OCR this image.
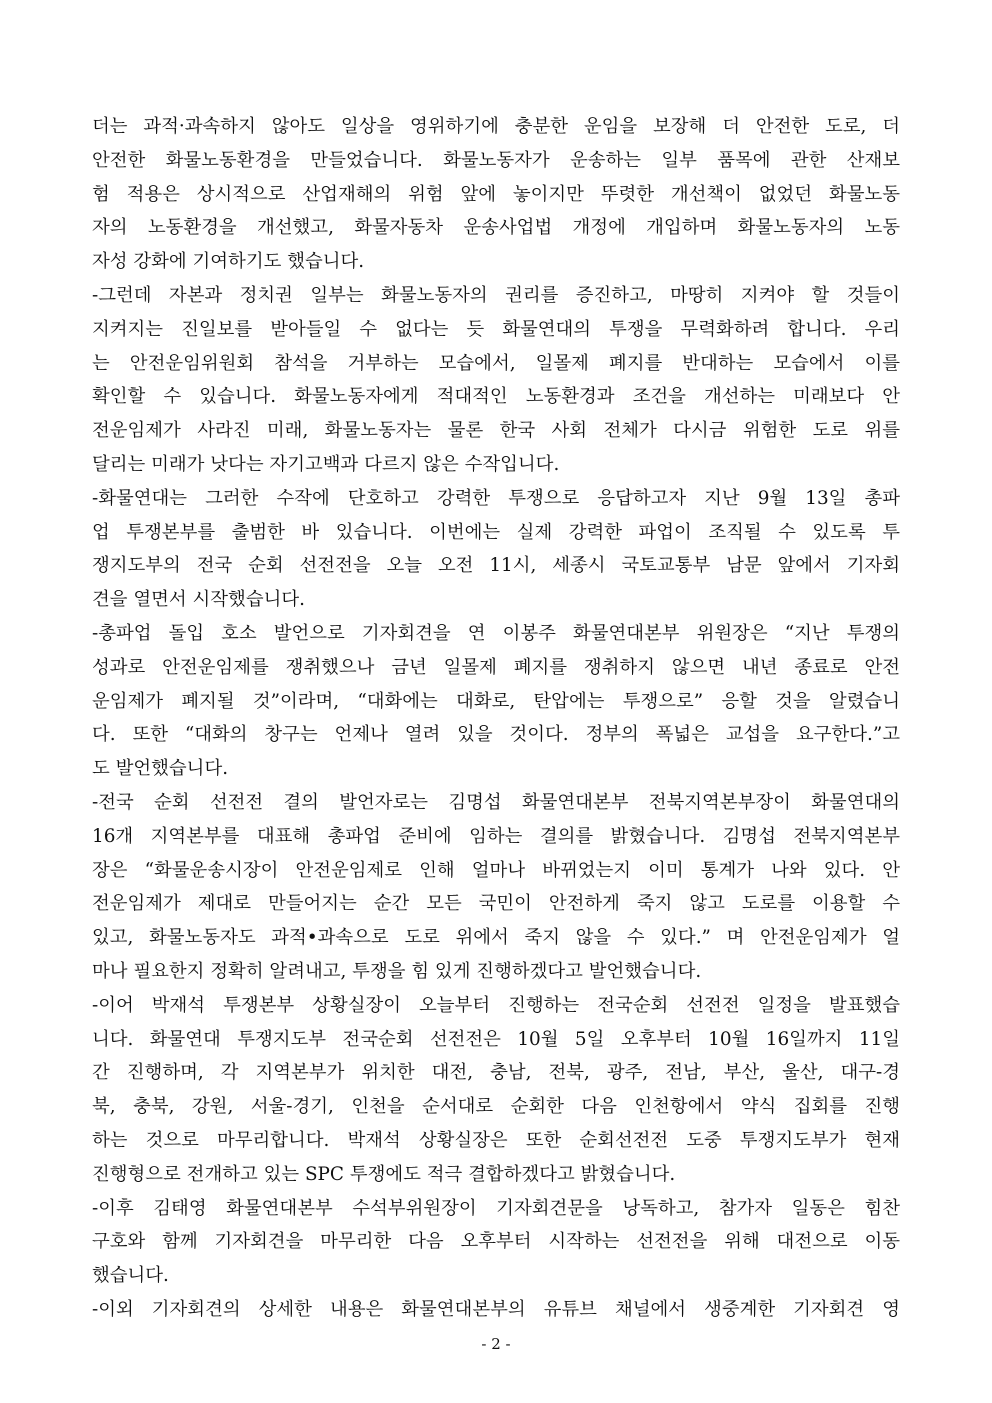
더는 과적·과속하지 않아도 일상을 영위하기에 충분한 운임을 보장해 더 안전한 도로, 더
안전한 화물노동환경을 만들었습니다. 화물노동자가 운송하는 일부 품목에 관한 산재보
험 적용은 상시적으로 산업재해의 위험 앞에 놓이지만 뚜렷한 개선책이 없었던 화물노동
자의 노동환경을 개선했고, 화물자동차 운송사업법 개정에 개입하며 화물노동자의 노동
자성 강화에 기여하기도 했습니다.
-그런데 자본과 정치권 일부는 화물노동자의 권리를 증진하고, 마땅히 지켜야 할 것들이
지켜지는 진일보를 받아들일 수 없다는 듯 화물연대의 투쟁을 무력화하려 합니다. 우리
는 안전운임위원회 참석을 거부하는 모습에서, 일몰제 폐지를 반대하는 모습에서 이를
확인할 수 있습니다. 화물노동자에게 적대적인 노동환경과 조건을 개선하는 미래보다 안
전운임제가 사라진 미래, 화물노동자는 물론 한국 사회 전체가 다시금 위험한 도로 위를
달리는 미래가 낫다는 자기고백과 다르지 않은 수작입니다.
-화물연대는 그러한 수작에 단호하고 강력한 투쟁으로 응답하고자 지난 9월 13일 총파
업 투쟁본부를 출범한 바 있습니다. 이번에는 실제 강력한 파업이 조직될 수 있도록 투
쟁지도부의 전국 순회 선전전을 오늘 오전 11시, 세종시 국토교통부 남문 앞에서 기자회
견을 열면서 시작했습니다.
-총파업 돌입 호소 발언으로 기자회견을 연 이봉주 화물연대본부 위원장은 “지난 투쟁의
성과로 안전운임제를 쟁취했으나 금년 일몰제 폐지를 쟁취하지 않으면 내년 종료로 안전
운임제가 폐지될 것”이라며, “대화에는 대화로, 탄압에는 투쟁으로” 응할 것을 알렸습니
다. 또한 “대화의 창구는 언제나 열려 있을 것이다. 정부의 폭넓은 교섭을 요구한다.”고
도 발언했습니다.
-전국 순회 선전전 결의 발언자로는 김명섭 화물연대본부 전북지역본부장이 화물연대의
16개 지역본부를 대표해 총파업 준비에 임하는 결의를 밝혔습니다. 김명섭 전북지역본부
장은 “화물운송시장이 안전운임제로 인해 얼마나 바뀌었는지 이미 통계가 나와 있다. 안
전운임제가 제대로 만들어지는 순간 모든 국민이 안전하게 죽지 않고 도로를 이용할 수
있고, 화물노동자도 과적•과속으로 도로 위에서 죽지 않을 수 있다.” 며 안전운임제가 얼
마나 필요한지 정확히 알려내고, 투쟁을 힘 있게 진행하겠다고 발언했습니다.
-이어 박재석 투쟁본부 상황실장이 오늘부터 진행하는 전국순회 선전전 일정을 발표했습
니다. 화물연대 투쟁지도부 전국순회 선전전은 10월 5일 오후부터 10월 16일까지 11일
간 진행하며, 각 지역본부가 위치한 대전, 충남, 전북, 광주, 전남, 부산, 울산, 대구-경
북, 충북, 강원, 서울-경기, 인천을 순서대로 순회한 다음 인천항에서 약식 집회를 진행
하는 것으로 마무리합니다. 박재석 상황실장은 또한 순회선전전 도중 투쟁지도부가 현재
진행형으로 전개하고 있는 SPC 투쟁에도 적극 결합하겠다고 밝혔습니다.
-이후 김태영 화물연대본부 수석부위원장이 기자회견문을 낭독하고, 참가자 일동은 힘찬
구호와 함께 기자회견을 마무리한 다음 오후부터 시작하는 선전전을 위해 대전으로 이동
했습니다.
-이외 기자회견의 상세한 내용은 화물연대본부의 유튜브 채널에서 생중계한 기자회견 영
- 2 -
